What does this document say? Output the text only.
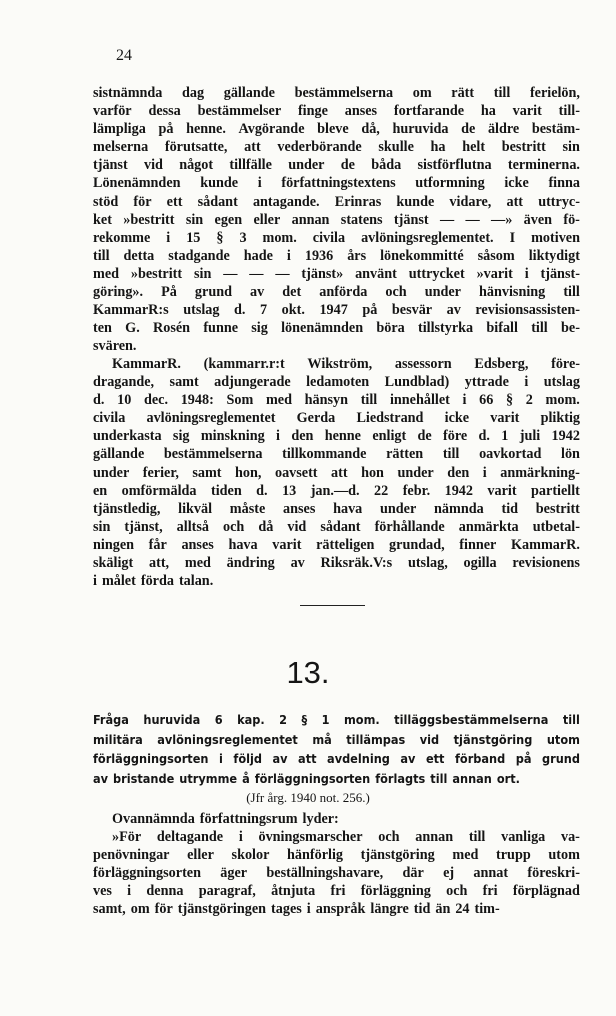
24
sistnämnda dag gällande bestämmelserna om rätt till ferielön,
varför dessa bestämmelser finge anses fortfarande ha varit till-
lämpliga på henne. Avgörande bleve då, huruvida de äldre bestäm-
melserna förutsatte, att vederbörande skulle ha helt bestritt sin
tjänst vid något tillfälle under de båda sistförflutna terminerna.
Lönenämnden kunde i författningstextens utformning icke finna
stöd för ett sådant antagande. Erinras kunde vidare, att uttryc-
ket »bestritt sin egen eller annan statens tjänst — — —» även fö-
rekomme i 15 § 3 mom. civila avlöningsreglementet. I motiven
till detta stadgande hade i 1936 års lönekommitté såsom liktydigt
med »bestritt sin — — — tjänst» använt uttrycket »varit i tjänst-
göring». På grund av det anförda och under hänvisning till
KammarR:s utslag d. 7 okt. 1947 på besvär av revisionsassisten-
ten G. Rosén funne sig lönenämnden böra tillstyrka bifall till be-
svären.
KammarR. (kammarr.r:t Wikström, assessorn Edsberg, före-
dragande, samt adjungerade ledamoten Lundblad) yttrade i utslag
d. 10 dec. 1948: Som med hänsyn till innehållet i 66 § 2 mom.
civila avlöningsreglementet Gerda Liedstrand icke varit pliktig
underkasta sig minskning i den henne enligt de före d. 1 juli 1942
gällande bestämmelserna tillkommande rätten till oavkortad lön
under ferier, samt hon, oavsett att hon under den i anmärkning-
en omförmälda tiden d. 13 jan.—d. 22 febr. 1942 varit partiellt
tjänstledig, likväl måste anses hava under nämnda tid bestritt
sin tjänst, alltså och då vid sådant förhållande anmärkta utbetal-
ningen får anses hava varit rätteligen grundad, finner KammarR.
skäligt att, med ändring av Riksräk.V:s utslag, ogilla revisionens
i målet förda talan.
13.
Fråga huruvida 6 kap. 2 § 1 mom. tilläggsbestämmelserna till
militära avlöningsreglementet må tillämpas vid tjänstgöring utom
förläggningsorten i följd av att avdelning av ett förband på grund
av bristande utrymme å förläggningsorten förlagts till annan ort.
(Jfr årg. 1940 not. 256.)
Ovannämnda författningsrum lyder:
»För deltagande i övningsmarscher och annan till vanliga va-
penövningar eller skolor hänförlig tjänstgöring med trupp utom
förläggningsorten äger beställningshavare, där ej annat föreskri-
ves i denna paragraf, åtnjuta fri förläggning och fri förplägnad
samt, om för tjänstgöringen tages i anspråk längre tid än 24 tim-
